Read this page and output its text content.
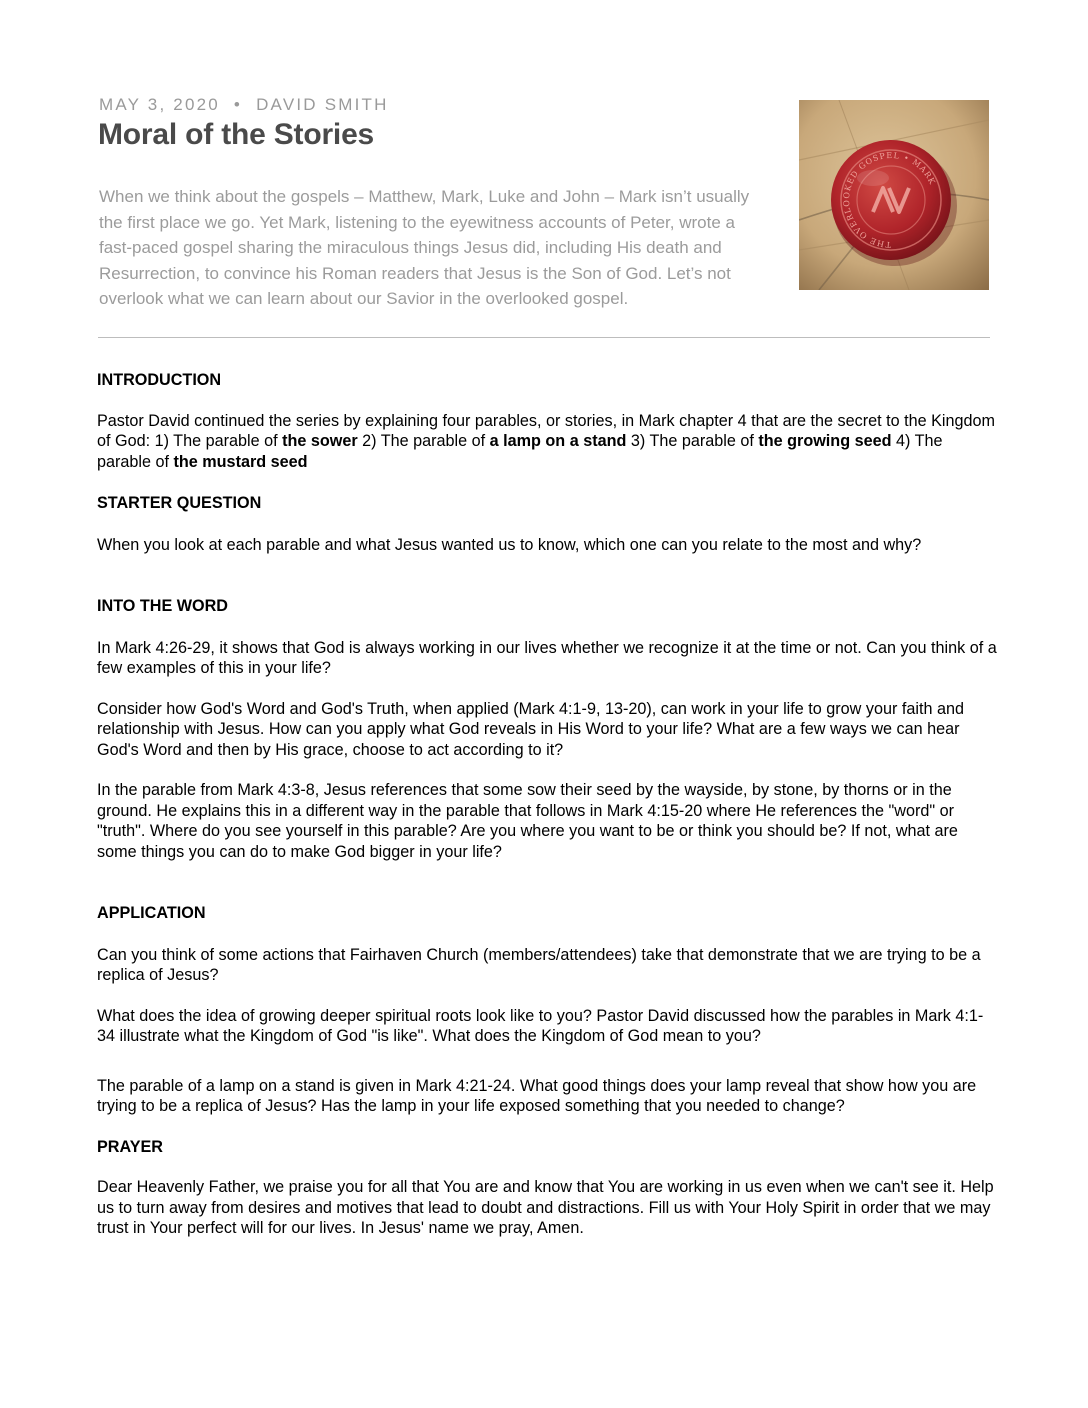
MAY 3, 2020 • DAVID SMITH
Moral of the Stories

When we think about the gospels – Matthew, Mark, Luke and John – Mark isn’t usually the first place we go. Yet Mark, listening to the eyewitness accounts of Peter, wrote a fast-paced gospel sharing the miraculous things Jesus did, including His death and Resurrection, to convince his Roman readers that Jesus is the Son of God. Let’s not overlook what we can learn about our Savior in the overlooked gospel.

THE OVERLOOKED GOSPEL • MARK
INTRODUCTION

Pastor David continued the series by explaining four parables, or stories, in Mark chapter 4 that are the secret to the Kingdom of God: 1) The parable of the sower 2) The parable of a lamp on a stand 3) The parable of the growing seed 4) The parable of the mustard seed

STARTER QUESTION

When you look at each parable and what Jesus wanted us to know, which one can you relate to the most and why?

INTO THE WORD

In Mark 4:26-29, it shows that God is always working in our lives whether we recognize it at the time or not. Can you think of a few examples of this in your life?

Consider how God's Word and God's Truth, when applied (Mark 4:1-9, 13-20), can work in your life to grow your faith and relationship with Jesus. How can you apply what God reveals in His Word to your life? What are a few ways we can hear God's Word and then by His grace, choose to act according to it?

In the parable from Mark 4:3-8, Jesus references that some sow their seed by the wayside, by stone, by thorns or in the ground. He explains this in a different way in the parable that follows in Mark 4:15-20 where He references the "word" or "truth". Where do you see yourself in this parable? Are you where you want to be or think you should be? If not, what are some things you can do to make God bigger in your life?

APPLICATION

Can you think of some actions that Fairhaven Church (members/attendees) take that demonstrate that we are trying to be a replica of Jesus?

What does the idea of growing deeper spiritual roots look like to you? Pastor David discussed how the parables in Mark 4:1-34 illustrate what the Kingdom of God "is like". What does the Kingdom of God mean to you?

The parable of a lamp on a stand is given in Mark 4:21-24. What good things does your lamp reveal that show how you are trying to be a replica of Jesus? Has the lamp in your life exposed something that you needed to change?

PRAYER

Dear Heavenly Father, we praise you for all that You are and know that You are working in us even when we can't see it. Help us to turn away from desires and motives that lead to doubt and distractions. Fill us with Your Holy Spirit in order that we may trust in Your perfect will for our lives. In Jesus' name we pray, Amen.
